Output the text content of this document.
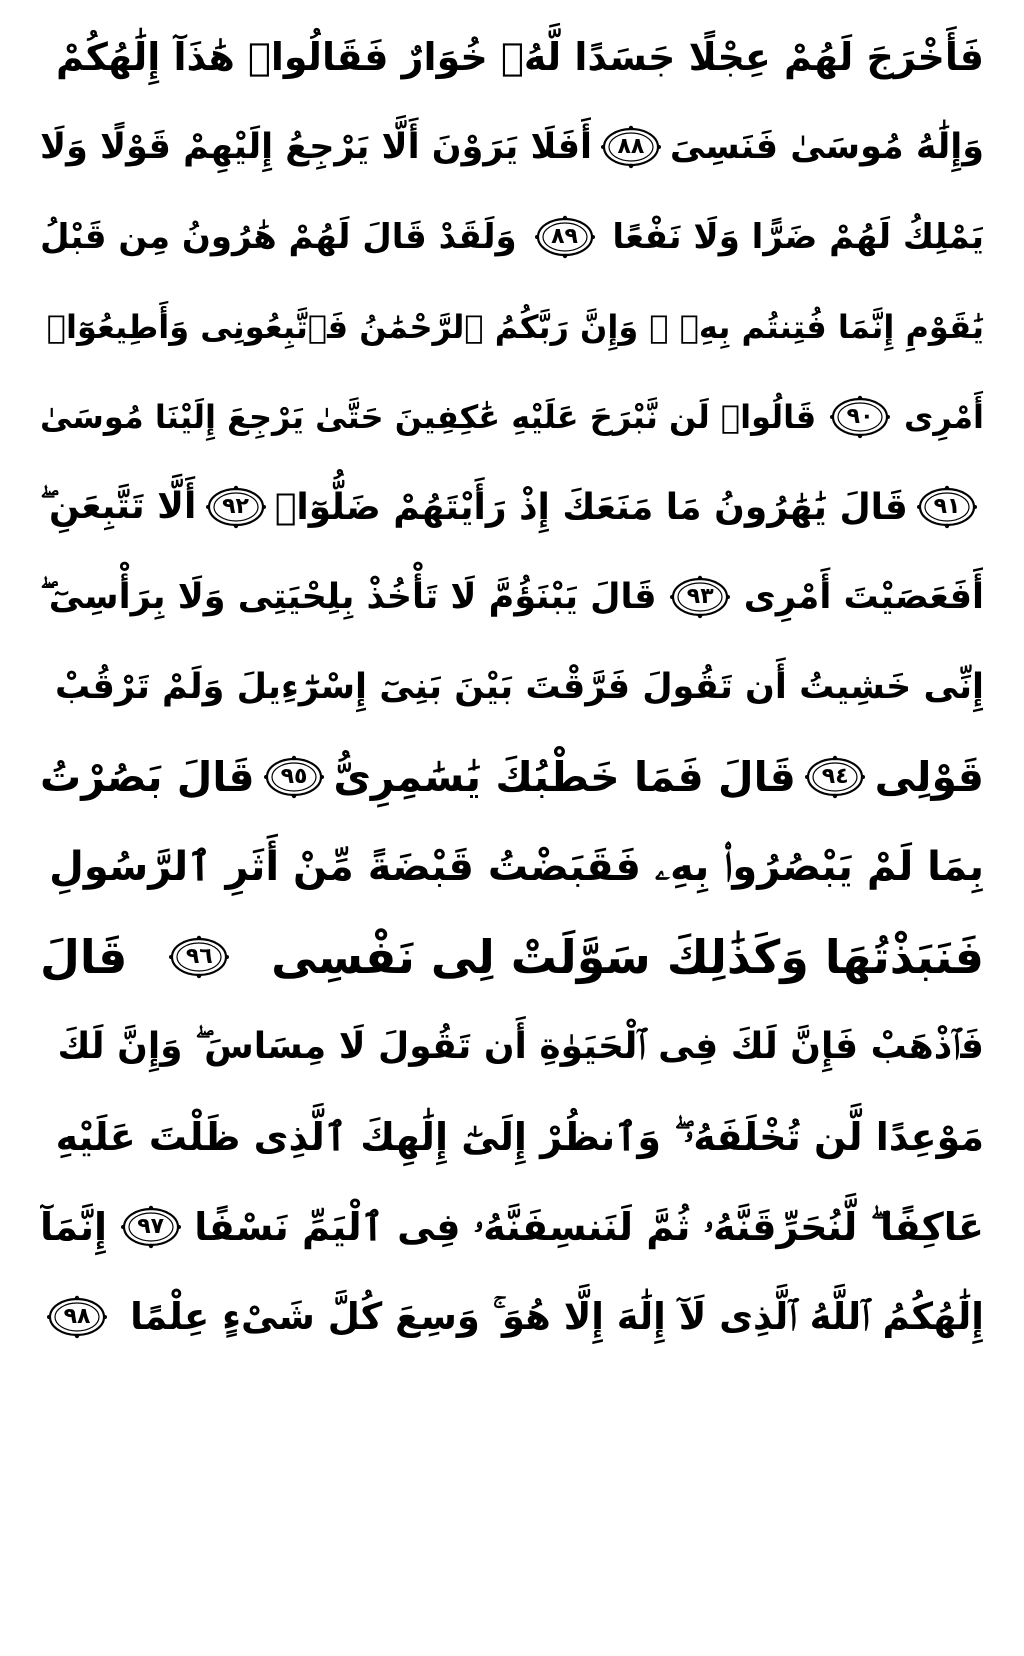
فَأَخْرَجَ لَهُمْ عِجْلًا جَسَدًا لَّهُۥ خُوَارٌ فَقَالُوا۟ هَٰذَآ إِلَٰهُكُمْ
وَإِلَٰهُ مُوسَىٰ فَنَسِىَ
٨٨
أَفَلَا يَرَوْنَ أَلَّا يَرْجِعُ إِلَيْهِمْ قَوْلًا وَلَا
يَمْلِكُ لَهُمْ ضَرًّا وَلَا نَفْعًا
٨٩
وَلَقَدْ قَالَ لَهُمْ هَٰرُونُ مِن قَبْلُ
يَٰقَوْمِ إِنَّمَا فُتِنتُم بِهِۦ ۖ وَإِنَّ رَبَّكُمُ ٱلرَّحْمَٰنُ فَٱتَّبِعُونِى وَأَطِيعُوٓا۟
أَمْرِى
٩٠
قَالُوا۟ لَن نَّبْرَحَ عَلَيْهِ عَٰكِفِينَ حَتَّىٰ يَرْجِعَ إِلَيْنَا مُوسَىٰ
٩١
قَالَ يَٰهَٰرُونُ مَا مَنَعَكَ إِذْ رَأَيْتَهُمْ ضَلُّوٓا۟
٩٢
أَلَّا تَتَّبِعَنِ ۖ
أَفَعَصَيْتَ أَمْرِى
٩٣
قَالَ يَبْنَؤُمَّ لَا تَأْخُذْ بِلِحْيَتِى وَلَا بِرَأْسِىٓ ۖ
إِنِّى خَشِيتُ أَن تَقُولَ فَرَّقْتَ بَيْنَ بَنِىٓ إِسْرَٰٓءِيلَ وَلَمْ تَرْقُبْ
قَوْلِى
٩٤
قَالَ فَمَا خَطْبُكَ يَٰسَٰمِرِىُّ
٩٥
قَالَ بَصُرْتُ
بِمَا لَمْ يَبْصُرُوا۟ بِهِۦ فَقَبَضْتُ قَبْضَةً مِّنْ أَثَرِ ٱلرَّسُولِ
فَنَبَذْتُهَا وَكَذَٰلِكَ سَوَّلَتْ لِى نَفْسِى
٩٦
قَالَ
فَٱذْهَبْ فَإِنَّ لَكَ فِى ٱلْحَيَوٰةِ أَن تَقُولَ لَا مِسَاسَ ۖ وَإِنَّ لَكَ
مَوْعِدًا لَّن تُخْلَفَهُۥ ۖ وَٱنظُرْ إِلَىٰٓ إِلَٰهِكَ ٱلَّذِى ظَلْتَ عَلَيْهِ
عَاكِفًا ۖ لَّنُحَرِّقَنَّهُۥ ثُمَّ لَنَنسِفَنَّهُۥ فِى ٱلْيَمِّ نَسْفًا
٩٧
إِنَّمَآ
إِلَٰهُكُمُ ٱللَّهُ ٱلَّذِى لَآ إِلَٰهَ إِلَّا هُوَ ۚ وَسِعَ كُلَّ شَىْءٍ عِلْمًا
٩٨
